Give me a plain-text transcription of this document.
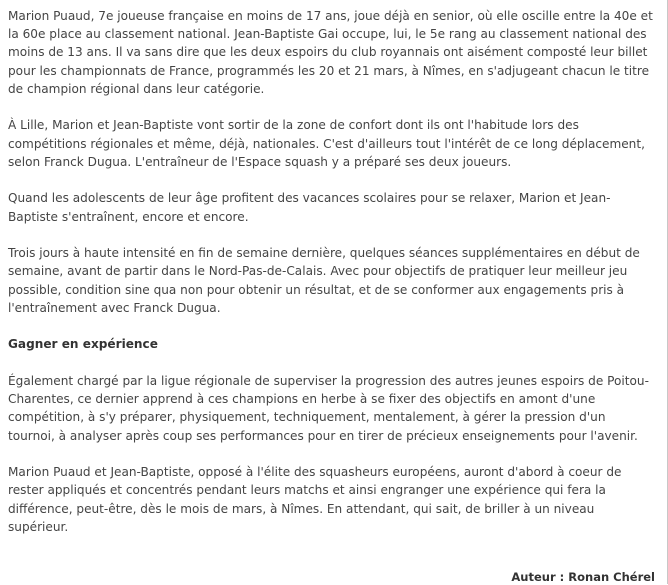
Marion Puaud, 7e joueuse française en moins de 17 ans, joue déjà en senior, où elle oscille entre la 40e et la 60e place au classement national. Jean-Baptiste Gai occupe, lui, le 5e rang au classement national des moins de 13 ans. Il va sans dire que les deux espoirs du club royannais ont aisément composté leur billet pour les championnats de France, programmés les 20 et 21 mars, à Nîmes, en s'adjugeant chacun le titre de champion régional dans leur catégorie.

À Lille, Marion et Jean-Baptiste vont sortir de la zone de confort dont ils ont l'habitude lors des compétitions régionales et même, déjà, nationales. C'est d'ailleurs tout l'intérêt de ce long déplacement, selon Franck Dugua. L'entraîneur de l'Espace squash y a préparé ses deux joueurs.

Quand les adolescents de leur âge profitent des vacances scolaires pour se relaxer, Marion et Jean-Baptiste s'entraînent, encore et encore.

Trois jours à haute intensité en fin de semaine dernière, quelques séances supplémentaires en début de semaine, avant de partir dans le Nord-Pas-de-Calais. Avec pour objectifs de pratiquer leur meilleur jeu possible, condition sine qua non pour obtenir un résultat, et de se conformer aux engagements pris à l'entraînement avec Franck Dugua.

Gagner en expérience

Également chargé par la ligue régionale de superviser la progression des autres jeunes espoirs de Poitou-Charentes, ce dernier apprend à ces champions en herbe à se fixer des objectifs en amont d'une compétition, à s'y préparer, physiquement, techniquement, mentalement, à gérer la pression d'un tournoi, à analyser après coup ses performances pour en tirer de précieux enseignements pour l'avenir.

Marion Puaud et Jean-Baptiste, opposé à l'élite des squasheurs européens, auront d'abord à coeur de rester appliqués et concentrés pendant leurs matchs et ainsi engranger une expérience qui fera la différence, peut-être, dès le mois de mars, à Nîmes. En attendant, qui sait, de briller à un niveau supérieur.

Auteur : Ronan Chérel
